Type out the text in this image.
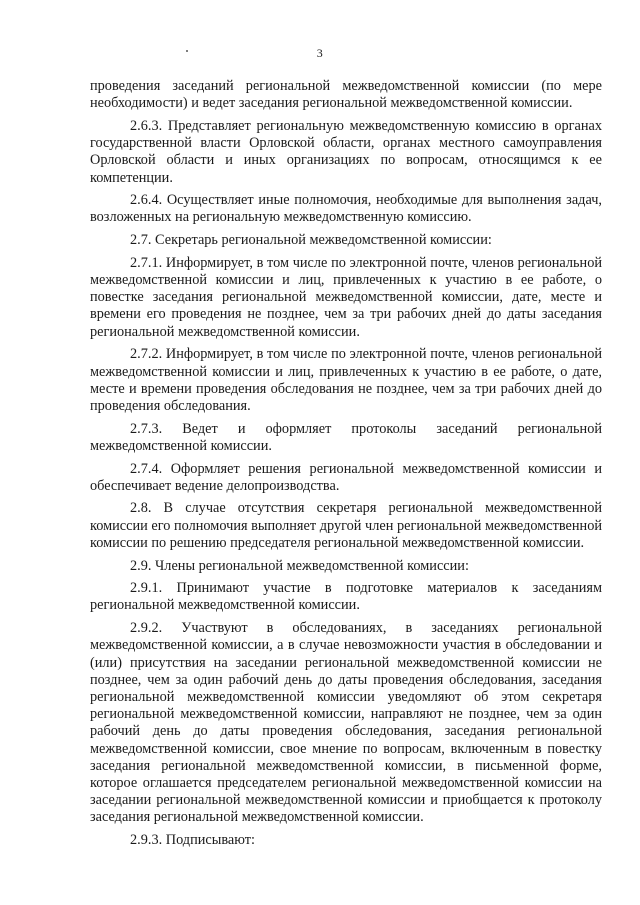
3

проведения заседаний региональной межведомственной комиссии (по мере необходимости) и ведет заседания региональной межведомственной комиссии.

2.6.3. Представляет региональную межведомственную комиссию в органах государственной власти Орловской области, органах местного самоуправления Орловской области и иных организациях по вопросам, относящимся к ее компетенции.

2.6.4. Осуществляет иные полномочия, необходимые для выполнения задач, возложенных на региональную межведомственную комиссию.

2.7. Секретарь региональной межведомственной комиссии:

2.7.1. Информирует, в том числе по электронной почте, членов региональной межведомственной комиссии и лиц, привлеченных к участию в ее работе, о повестке заседания региональной межведомственной комиссии, дате, месте и времени его проведения не позднее, чем за три рабочих дней до даты заседания региональной межведомственной комиссии.

2.7.2. Информирует, в том числе по электронной почте, членов региональной межведомственной комиссии и лиц, привлеченных к участию в ее работе, о дате, месте и времени проведения обследования не позднее, чем за три рабочих дней до проведения обследования.

2.7.3. Ведет и оформляет протоколы заседаний региональной межведомственной комиссии.

2.7.4. Оформляет решения региональной межведомственной комиссии и обеспечивает ведение делопроизводства.

2.8. В случае отсутствия секретаря региональной межведомственной комиссии его полномочия выполняет другой член региональной межведомственной комиссии по решению председателя региональной межведомственной комиссии.

2.9. Члены региональной межведомственной комиссии:

2.9.1. Принимают участие в подготовке материалов к заседаниям региональной межведомственной комиссии.

2.9.2. Участвуют в обследованиях, в заседаниях региональной межведомственной комиссии, а в случае невозможности участия в обследовании и (или) присутствия на заседании региональной межведомственной комиссии не позднее, чем за один рабочий день до даты проведения обследования, заседания региональной межведомственной комиссии уведомляют об этом секретаря региональной межведомственной комиссии, направляют не позднее, чем за один рабочий день до даты проведения обследования, заседания региональной межведомственной комиссии, свое мнение по вопросам, включенным в повестку заседания региональной межведомственной комиссии, в письменной форме, которое оглашается председателем региональной межведомственной комиссии на заседании региональной межведомственной комиссии и приобщается к протоколу заседания региональной межведомственной комиссии.

2.9.3. Подписывают:
